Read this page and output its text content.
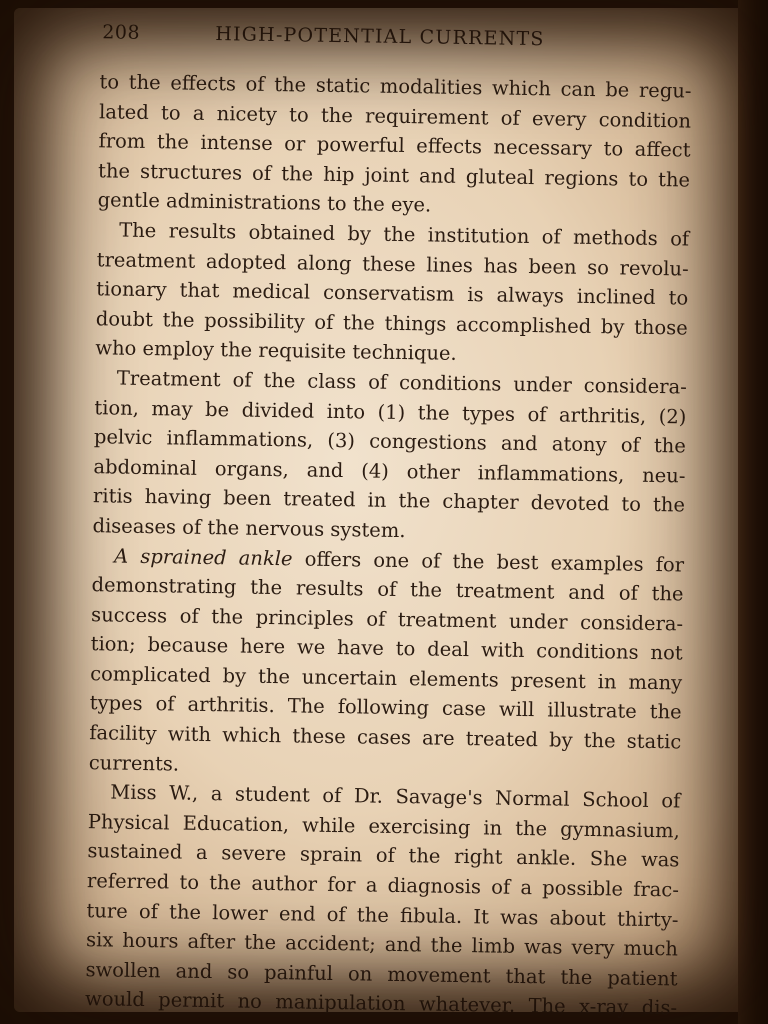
208	HIGH-POTENTIAL CURRENTS
to the effects of the static modalities which can be regu-
lated to a nicety to the requirement of every condition
from the intense or powerful effects necessary to affect
the structures of the hip joint and gluteal regions to the
gentle administrations to the eye.
The results obtained by the institution of methods of
treatment adopted along these lines has been so revolu-
tionary that medical conservatism is always inclined to
doubt the possibility of the things accomplished by those
who employ the requisite technique.
Treatment of the class of conditions under considera-
tion, may be divided into (1) the types of arthritis, (2)
pelvic inflammations, (3) congestions and atony of the
abdominal organs, and (4) other inflammations, neu-
ritis having been treated in the chapter devoted to the
diseases of the nervous system.
A sprained ankle offers one of the best examples for
demonstrating the results of the treatment and of the
success of the principles of treatment under considera-
tion; because here we have to deal with conditions not
complicated by the uncertain elements present in many
types of arthritis. The following case will illustrate the
facility with which these cases are treated by the static
currents.
Miss W., a student of Dr. Savage's Normal School of
Physical Education, while exercising in the gymnasium,
sustained a severe sprain of the right ankle. She was
referred to the author for a diagnosis of a possible frac-
ture of the lower end of the fibula. It was about thirty-
six hours after the accident; and the limb was very much
swollen and so painful on movement that the patient
would permit no manipulation whatever. The x-ray dis-
